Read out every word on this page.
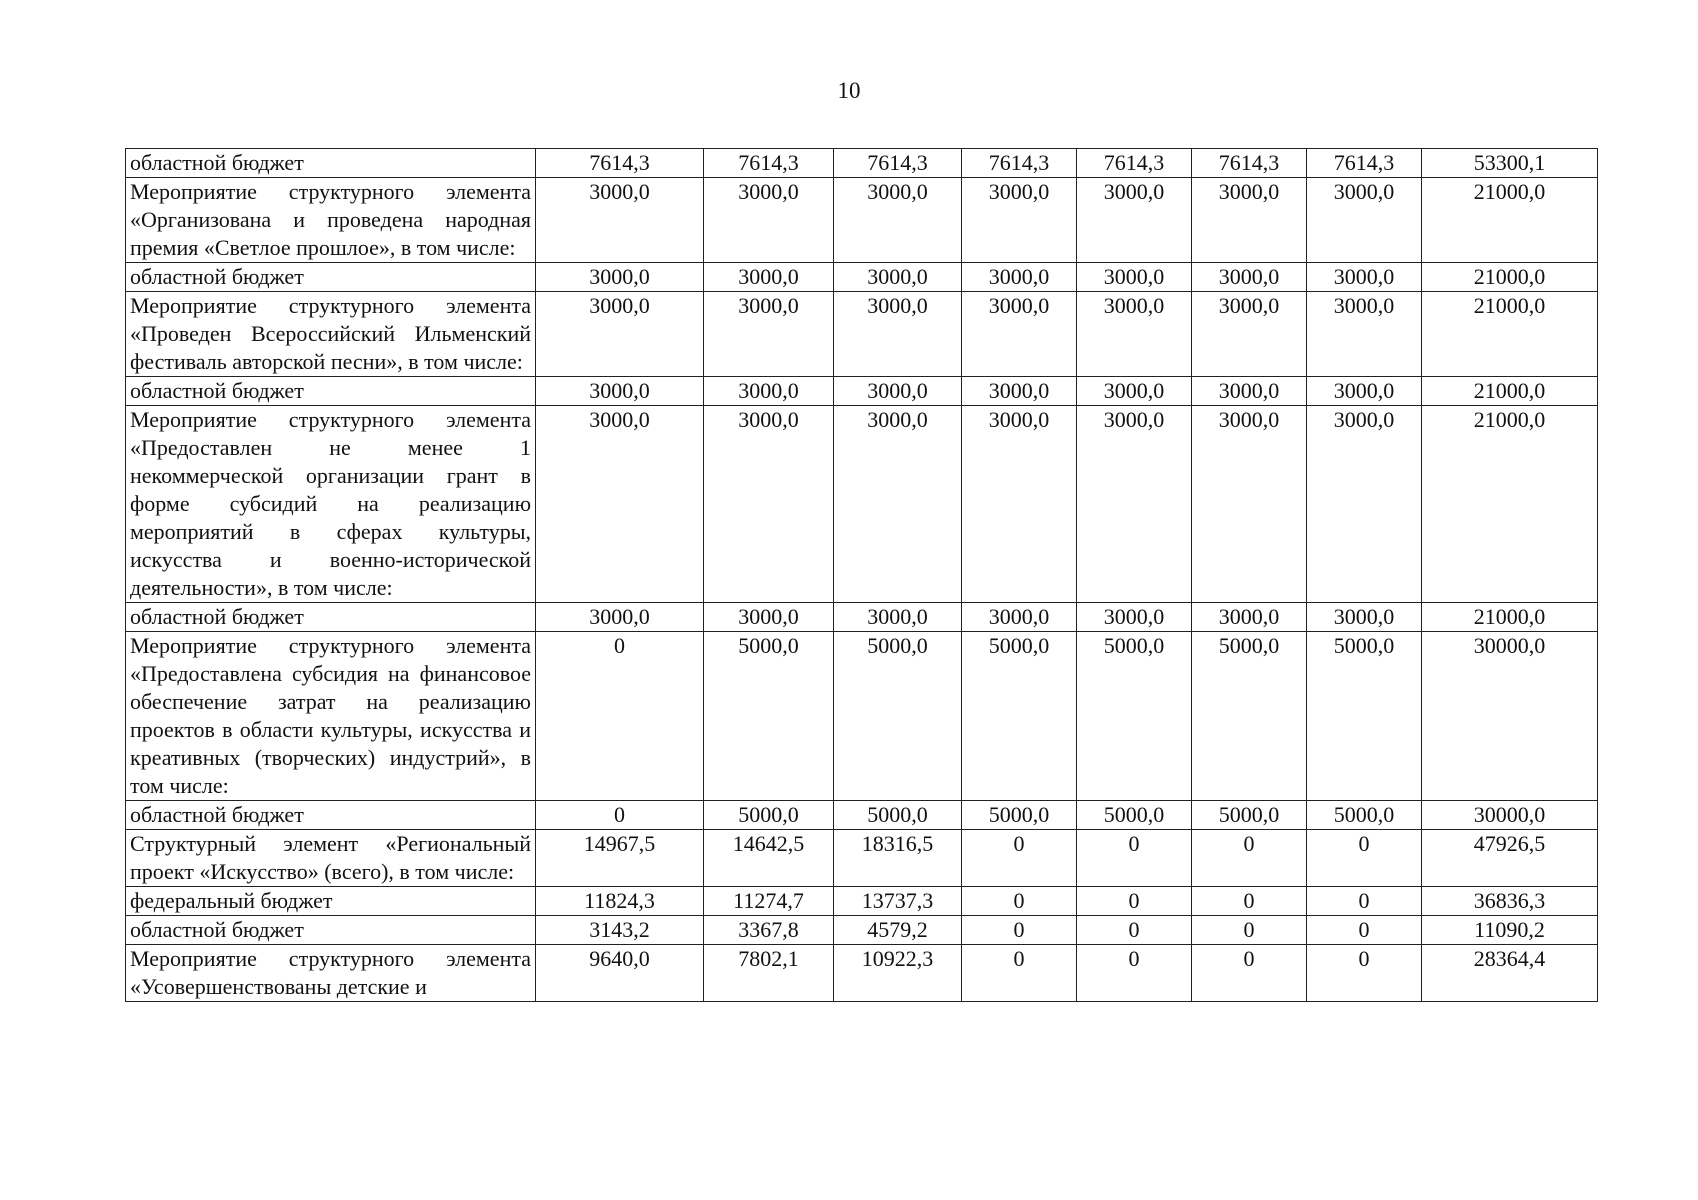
10
областной бюджет	7614,3	7614,3	7614,3	7614,3	7614,3	7614,3	7614,3	53300,1
Мероприятие структурного элемента «Организована и проведена народная премия «Светлое прошлое», в том числе:	3000,0	3000,0	3000,0	3000,0	3000,0	3000,0	3000,0	21000,0
областной бюджет	3000,0	3000,0	3000,0	3000,0	3000,0	3000,0	3000,0	21000,0
Мероприятие структурного элемента «Проведен Всероссийский Ильменский фестиваль авторской песни», в том числе:	3000,0	3000,0	3000,0	3000,0	3000,0	3000,0	3000,0	21000,0
областной бюджет	3000,0	3000,0	3000,0	3000,0	3000,0	3000,0	3000,0	21000,0
Мероприятие структурного элемента «Предоставлен не менее 1 некоммерческой организации грант в форме субсидий на реализацию мероприятий в сферах культуры, искусства и военно-исторической деятельности», в том числе:	3000,0	3000,0	3000,0	3000,0	3000,0	3000,0	3000,0	21000,0
областной бюджет	3000,0	3000,0	3000,0	3000,0	3000,0	3000,0	3000,0	21000,0
Мероприятие структурного элемента «Предоставлена субсидия на финансовое обеспечение затрат на реализацию проектов в области культуры, искусства и креативных (творческих) индустрий», в том числе:	0	5000,0	5000,0	5000,0	5000,0	5000,0	5000,0	30000,0
областной бюджет	0	5000,0	5000,0	5000,0	5000,0	5000,0	5000,0	30000,0
Структурный элемент «Региональный проект «Искусство» (всего), в том числе:	14967,5	14642,5	18316,5	0	0	0	0	47926,5
федеральный бюджет	11824,3	11274,7	13737,3	0	0	0	0	36836,3
областной бюджет	3143,2	3367,8	4579,2	0	0	0	0	11090,2
Мероприятие структурного элемента «Усовершенствованы детские и	9640,0	7802,1	10922,3	0	0	0	0	28364,4
